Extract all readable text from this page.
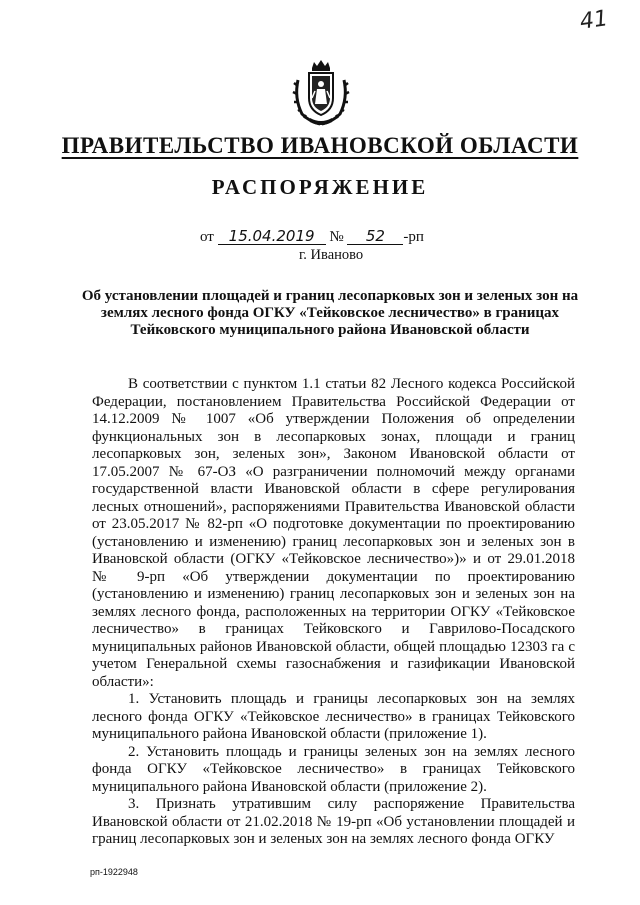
41
ПРАВИТЕЛЬСТВО ИВАНОВСКОЙ ОБЛАСТИ
РАСПОРЯЖЕНИЕ
от 15.04.2019 № 52 -рп
г. Иваново
Об установлении площадей и границ лесопарковых зон и зеленых зон на землях лесного фонда ОГКУ «Тейковское лесничество» в границах Тейковского муниципального района Ивановской области

В соответствии с пунктом 1.1 статьи 82 Лесного кодекса Российской Федерации, постановлением Правительства Российской Федерации от 14.12.2009 № 1007 «Об утверждении Положения об определении функциональных зон в лесопарковых зонах, площади и границ лесопарковых зон, зеленых зон», Законом Ивановской области от 17.05.2007 № 67-ОЗ «О разграничении полномочий между органами государственной власти Ивановской области в сфере регулирования лесных отношений», распоряжениями Правительства Ивановской области от 23.05.2017 № 82-рп «О подготовке документации по проектированию (установлению и изменению) границ лесопарковых зон и зеленых зон в Ивановской области (ОГКУ «Тейковское лесничество»)» и от 29.01.2018 № 9-рп «Об утверждении документации по проектированию (установлению и изменению) границ лесопарковых зон и зеленых зон на землях лесного фонда, расположенных на территории ОГКУ «Тейковское лесничество» в границах Тейковского и Гаврилово-Посадского муниципальных районов Ивановской области, общей площадью 12303 га с учетом Генеральной схемы газоснабжения и газификации Ивановской области»:

1. Установить площадь и границы лесопарковых зон на землях лесного фонда ОГКУ «Тейковское лесничество» в границах Тейковского муниципального района Ивановской области (приложение 1).

2. Установить площадь и границы зеленых зон на землях лесного фонда ОГКУ «Тейковское лесничество» в границах Тейковского муниципального района Ивановской области (приложение 2).

3. Признать утратившим силу распоряжение Правительства Ивановской области от 21.02.2018 № 19-рп «Об установлении площадей и границ лесопарковых зон и зеленых зон на землях лесного фонда ОГКУ

рп-1922948
